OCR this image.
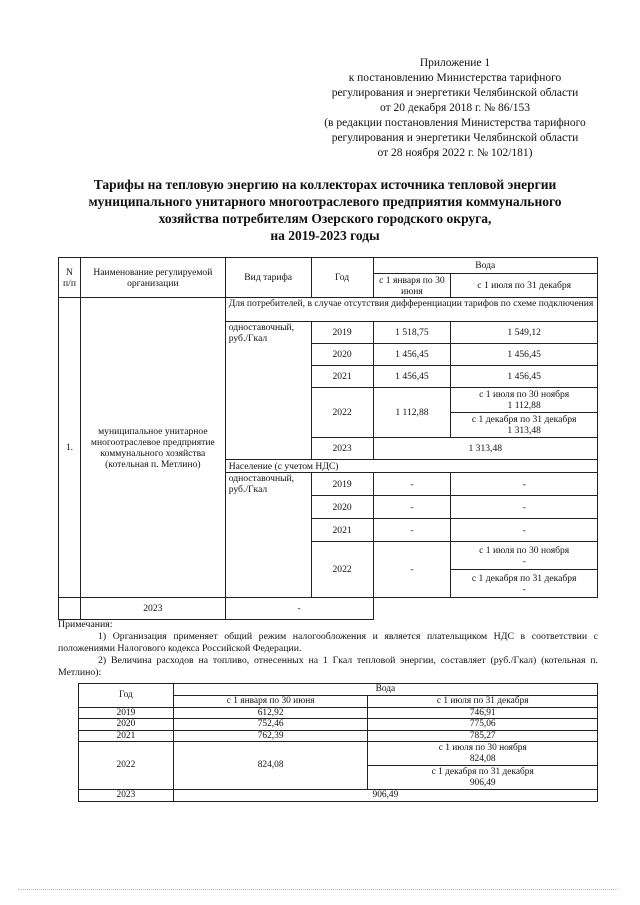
Приложение 1
к постановлению Министерства тарифного
регулирования и энергетики Челябинской области
от 20 декабря 2018 г. № 86/153
(в редакции постановления Министерства тарифного
регулирования и энергетики Челябинской области
от 28 ноября 2022 г. № 102/181)
Тарифы на тепловую энергию на коллекторах источника тепловой энергии
муниципального унитарного многоотраслевого предприятия коммунального
хозяйства потребителям Озерского городского округа,
на 2019-2023 годы
N п/п	Наименование регулируемой организации	Вид тарифа	Год	Вода	
				с 1 января по 30 июня	с 1 июля по 31 декабря
1.	муниципальное унитарное многоотраслевое предприятие коммунального хозяйства (котельная п. Метлино)	Для потребителей, в случае отсутствия дифференциации тарифов по схеме подключения			
		одноставочный, руб./Гкал	2019	1 518,75	1 549,12
			2020	1 456,45	1 456,45
			2021	1 456,45	1 456,45
			2022	1 112,88	с 1 июля по 30 ноября
1 112,88

					с 1 декабря по 31 декабря
1 313,48

			2023	1 313,48	
		Население (с учетом НДС)			
		одноставочный, руб./Гкал	2019	-	-
			2020	-	-
			2021	-	-
			2022	-	с 1 июля по 30 ноября
-

					с 1 декабря по 31 декабря
-

	2023	-			
Примечания:
1) Организация применяет общий режим налогообложения и является плательщиком НДС в соответствии с положениями Налогового кодекса Российской Федерации.
2) Величина расходов на топливо, отнесенных на 1 Гкал тепловой энергии, составляет (руб./Гкал) (котельная п. Метлино):
Год	Вода	
	с 1 января по 30 июня	с 1 июля по 31 декабря
2019	612,92	746,91
2020	752,46	775,06
2021	762,39	785,27
2022	824,08	с 1 июля по 30 ноября
824,08

		с 1 декабря по 31 декабря
906,49

2023	906,49	
